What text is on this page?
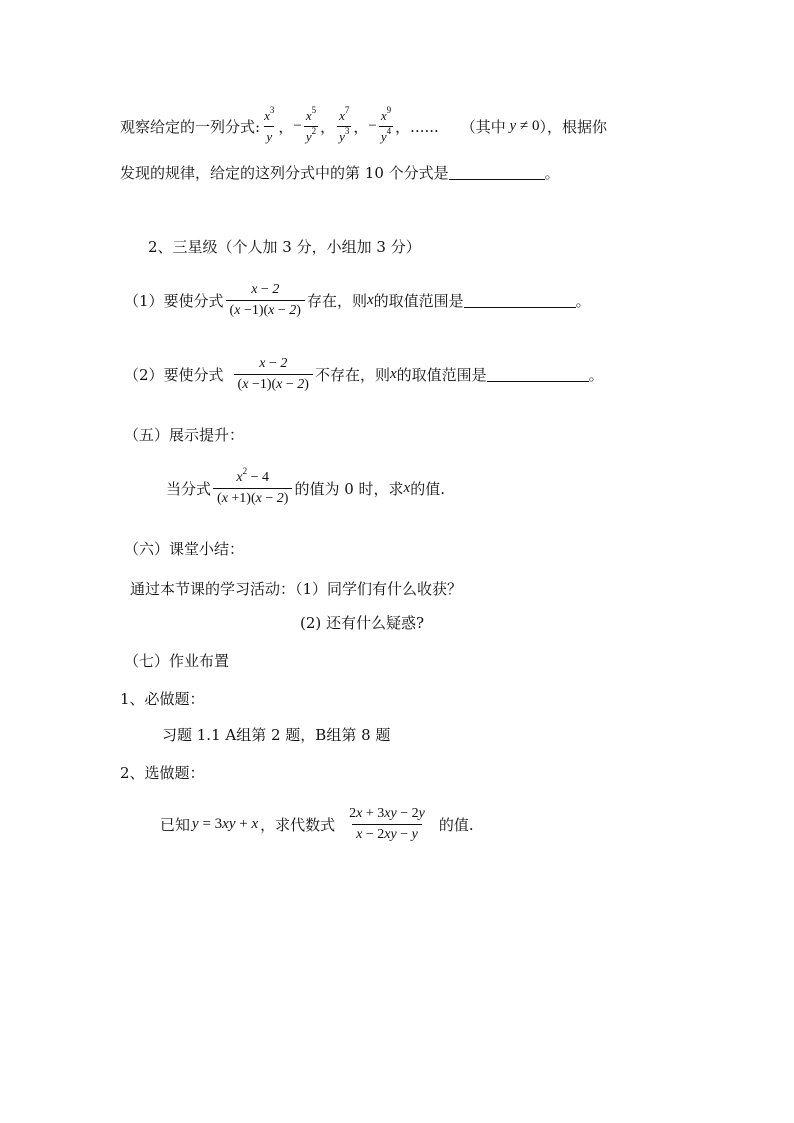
观察给定的一列分式: $\frac{x^3}{y}$ ， − $\frac{x^5}{y^2}$ ， $\frac{x^7}{y^3}$ ， − $\frac{x^9}{y^4}$ ，...... （其中 y ≠ 0 ），根据你
发现的规律，给定的这列分式中的第 10 个分式是	。
2、三星级（个人加 3 分，小组加 3 分）
（1）要使分式 $\frac{x - 2}{(x -1)(x - 2)}$ 存在，则 x 的取值范围是	。
（2）要使分式 $\frac{x - 2}{(x -1)(x - 2)}$ 不存在，则 x 的取值范围是	。
（五）展示提升：
当分式 $\frac{x^2 - 4}{(x +1)(x - 2)}$ 的值为 0 时，求 x 的值.
（六）课堂小结：
通过本节课的学习活动：（1）同学们有什么收获？
(2) 还有什么疑惑?
（七）作业布置
1、必做题：
习题 1.1 A组第 2 题，B组第 8 题
2、选做题：
已知 y = 3xy + x ，求代数式 $\frac{2x + 3xy - 2y}{x - 2xy - y}$ 的值.
